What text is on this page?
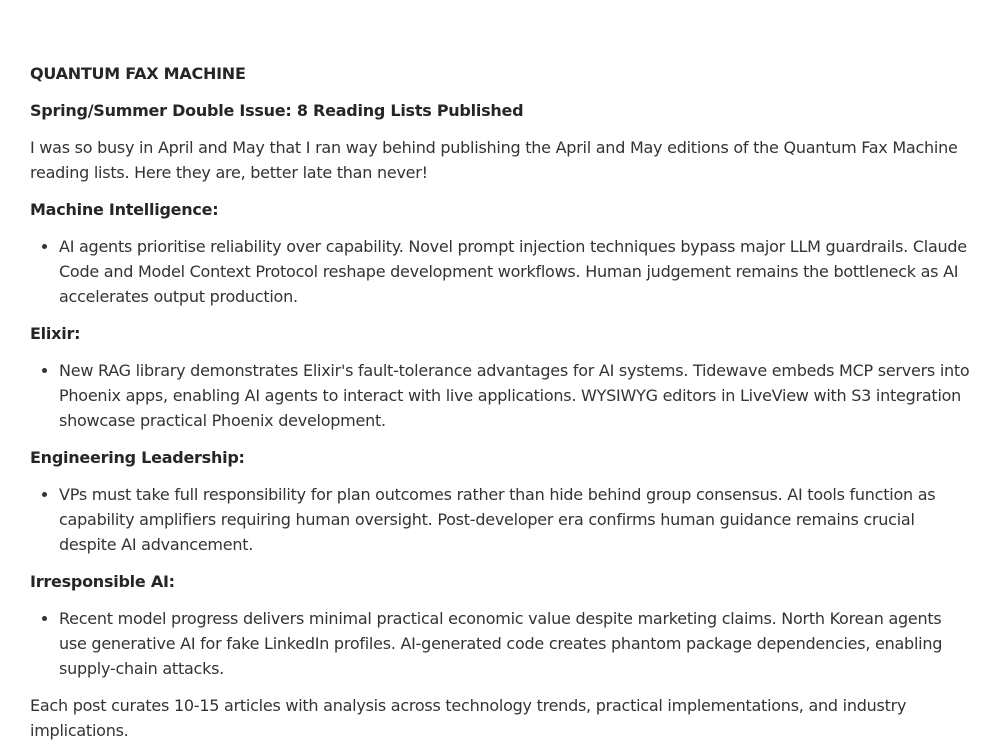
QUANTUM FAX MACHINE

Spring/Summer Double Issue: 8 Reading Lists Published

I was so busy in April and May that I ran way behind publishing the April and May editions of the Quantum Fax Machine reading lists. Here they are, better late than never!

Machine Intelligence:

• AI agents prioritise reliability over capability. Novel prompt injection techniques bypass major LLM guardrails. Claude Code and Model Context Protocol reshape development workflows. Human judgement remains the bottleneck as AI accelerates output production.

Elixir:

• New RAG library demonstrates Elixir's fault-tolerance advantages for AI systems. Tidewave embeds MCP servers into Phoenix apps, enabling AI agents to interact with live applications. WYSIWYG editors in LiveView with S3 integration showcase practical Phoenix development.

Engineering Leadership:

• VPs must take full responsibility for plan outcomes rather than hide behind group consensus. AI tools function as capability amplifiers requiring human oversight. Post-developer era confirms human guidance remains crucial despite AI advancement.

Irresponsible AI:

• Recent model progress delivers minimal practical economic value despite marketing claims. North Korean agents use generative AI for fake LinkedIn profiles. AI-generated code creates phantom package dependencies, enabling supply-chain attacks.

Each post curates 10-15 articles with analysis across technology trends, practical implementations, and industry implications.
